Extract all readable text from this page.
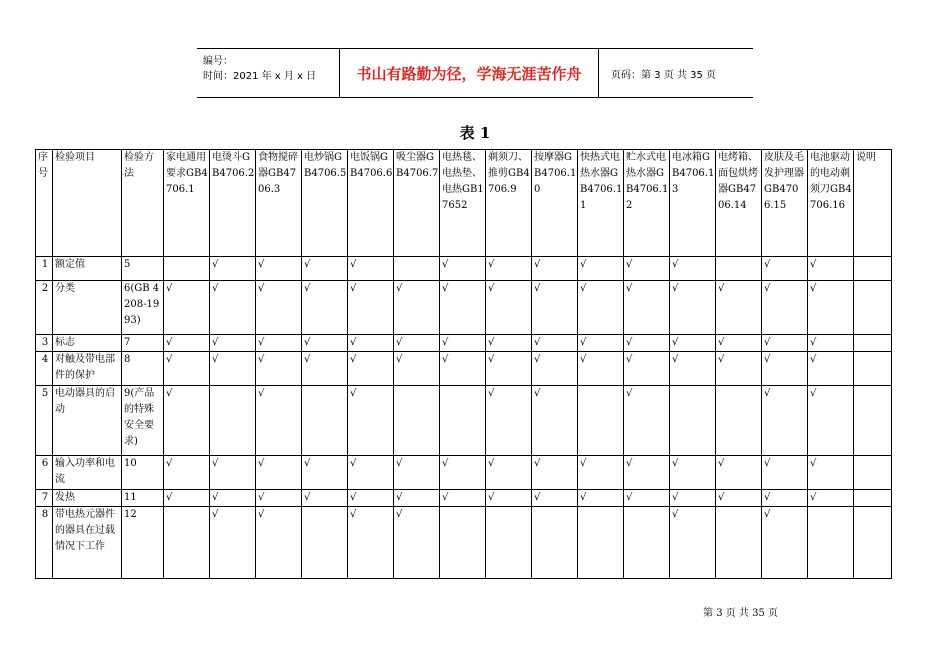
编号：
时间：2021 年 x 月 x 日	书山有路勤为径，学海无涯苦作舟	页码：第 3 页 共 35 页
表 1
序号	检验项目	检验方法	家电通用要求GB4706.1	电烫斗GB4706.2	食物搅碎器GB4706.3	电炒锅GB4706.5	电饭锅GB4706.6	吸尘器GB4706.7	电热毯、电热垫、电热GB17652	剃须刀、推剪GB4706.9	按摩器GB4706.10	快热式电热水器GB4706.11	贮水式电热水器GB4706.12	电冰箱GB4706.13	电烤箱、面包烘烤器GB4706.14	皮肤及毛发护理器GB4706.15	电池驱动的电动剃须刀GB4706.16	说明
1	额定值	5		√	√	√	√		√	√	√	√	√	√		√	√	
2	分类	6(GB 4208-1993)	√	√	√	√	√	√	√	√	√	√	√	√	√	√	√	
3	标志	7	√	√	√	√	√	√	√	√	√	√	√	√	√	√	√	
4	对触及带电部件的保护	8	√	√	√	√	√	√	√	√	√	√	√	√	√	√	√	
5	电动器具的启动	9(产品的特殊安全要求)	√		√		√			√	√		√			√	√	
6	输入功率和电流	10	√	√	√	√	√	√	√	√	√	√	√	√	√	√	√	
7	发热	11	√	√	√	√	√	√	√	√	√	√	√	√	√	√	√	
8	带电热元器件的器具在过载情况下工作	12		√	√		√	√						√		√		
第 3 页 共 35 页
